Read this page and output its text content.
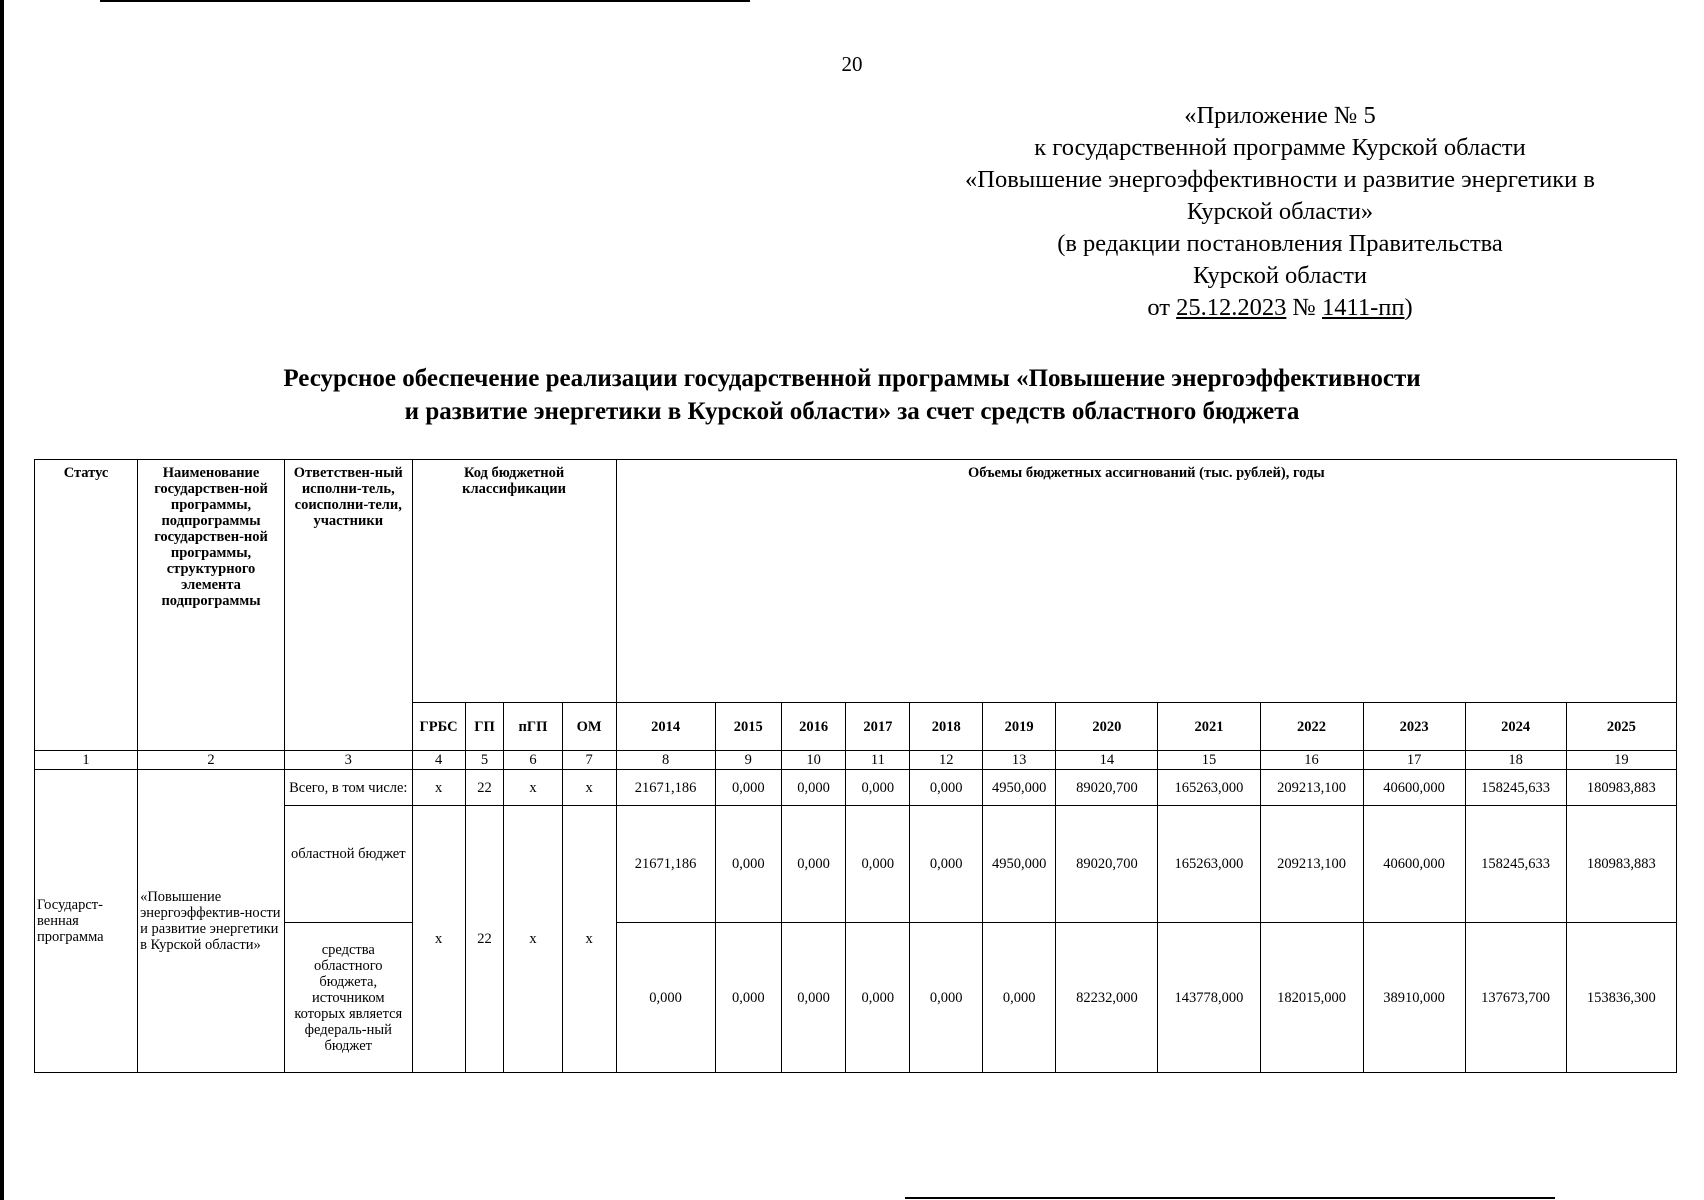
20
«Приложение № 5
к государственной программе Курской области
«Повышение энергоэффективности и развитие энергетики в
Курской области»
(в редакции постановления Правительства
Курской области
от 25.12.2023 № 1411-пп)
Ресурсное обеспечение реализации государственной программы «Повышение энергоэффективности
и развитие энергетики в Курской области» за счет средств областного бюджета
Статус	Наименование государствен-ной программы, подпрограммы государствен-ной программы, структурного элемента подпрограммы	Ответствен-ный исполни-тель, соисполни-тели, участники	Код бюджетной классификации				Объемы бюджетных ассигнований (тыс. рублей), годы											
			ГРБС	ГП	пГП	ОМ	2014	2015	2016	2017	2018	2019	2020	2021	2022	2023	2024	2025
1	2	3	4	5	6	7	8	9	10	11	12	13	14	15	16	17	18	19
Государст-венная программа	«Повышение энергоэффектив-ности и развитие энергетики в Курской области»	Всего, в том числе:	х	22	х	х	21671,186	0,000	0,000	0,000	0,000	4950,000	89020,700	165263,000	209213,100	40600,000	158245,633	180983,883
		областной бюджет	х	22	х	х	21671,186	0,000	0,000	0,000	0,000	4950,000	89020,700	165263,000	209213,100	40600,000	158245,633	180983,883
		средства областного бюджета, источником которых является федераль-ный бюджет					0,000	0,000	0,000	0,000	0,000	0,000	82232,000	143778,000	182015,000	38910,000	137673,700	153836,300
